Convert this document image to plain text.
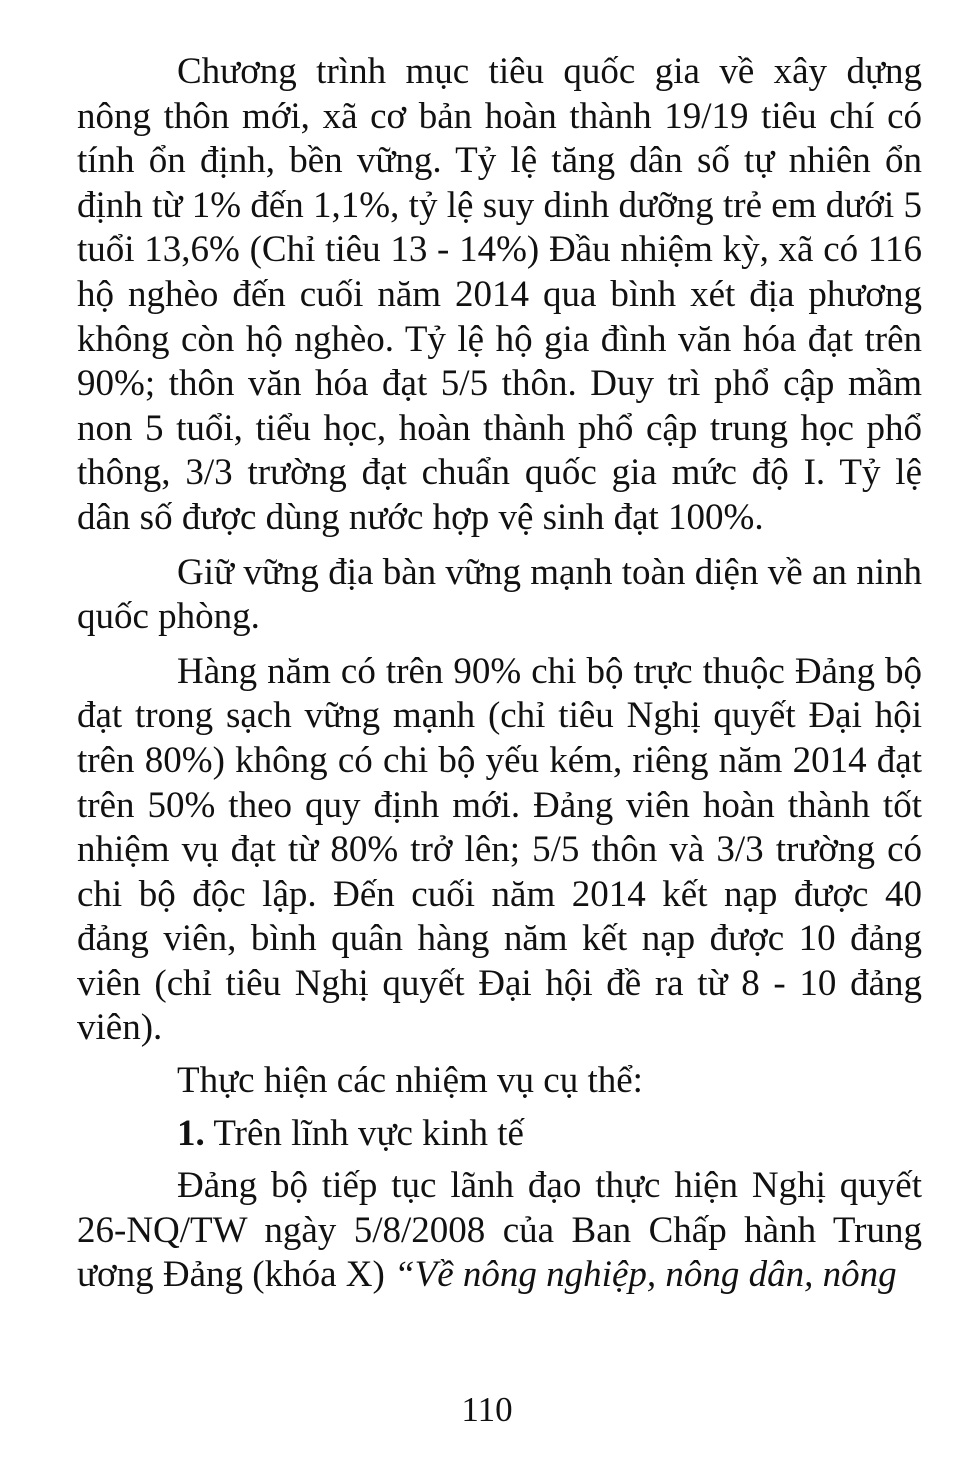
Chương trình mục tiêu quốc gia về xây dựng nông thôn mới, xã cơ bản hoàn thành 19/19 tiêu chí có tính ổn định, bền vững. Tỷ lệ tăng dân số tự nhiên ổn định từ 1% đến 1,1%, tỷ lệ suy dinh dưỡng trẻ em dưới 5 tuổi 13,6% (Chỉ tiêu 13 - 14%) Đầu nhiệm kỳ, xã có 116 hộ nghèo đến cuối năm 2014 qua bình xét địa phương không còn hộ nghèo. Tỷ lệ hộ gia đình văn hóa đạt trên 90%; thôn văn hóa đạt 5/5 thôn. Duy trì phổ cập mầm non 5 tuổi, tiểu học, hoàn thành phổ cập trung học phổ thông, 3/3 trường đạt chuẩn quốc gia mức độ I. Tỷ lệ dân số được dùng nước hợp vệ sinh đạt 100%.

Giữ vững địa bàn vững mạnh toàn diện về an ninh quốc phòng.

Hàng năm có trên 90% chi bộ trực thuộc Đảng bộ đạt trong sạch vững mạnh (chỉ tiêu Nghị quyết Đại hội trên 80%) không có chi bộ yếu kém, riêng năm 2014 đạt trên 50% theo quy định mới. Đảng viên hoàn thành tốt nhiệm vụ đạt từ 80% trở lên; 5/5 thôn và 3/3 trường có chi bộ độc lập. Đến cuối năm 2014 kết nạp được 40 đảng viên, bình quân hàng năm kết nạp được 10 đảng viên (chỉ tiêu Nghị quyết Đại hội đề ra từ 8 - 10 đảng viên).

Thực hiện các nhiệm vụ cụ thể:

1. Trên lĩnh vực kinh tế

Đảng bộ tiếp tục lãnh đạo thực hiện Nghị quyết 26-NQ/TW ngày 5/8/2008 của Ban Chấp hành Trung ương Đảng (khóa X) “Về nông nghiệp, nông dân, nông

110
